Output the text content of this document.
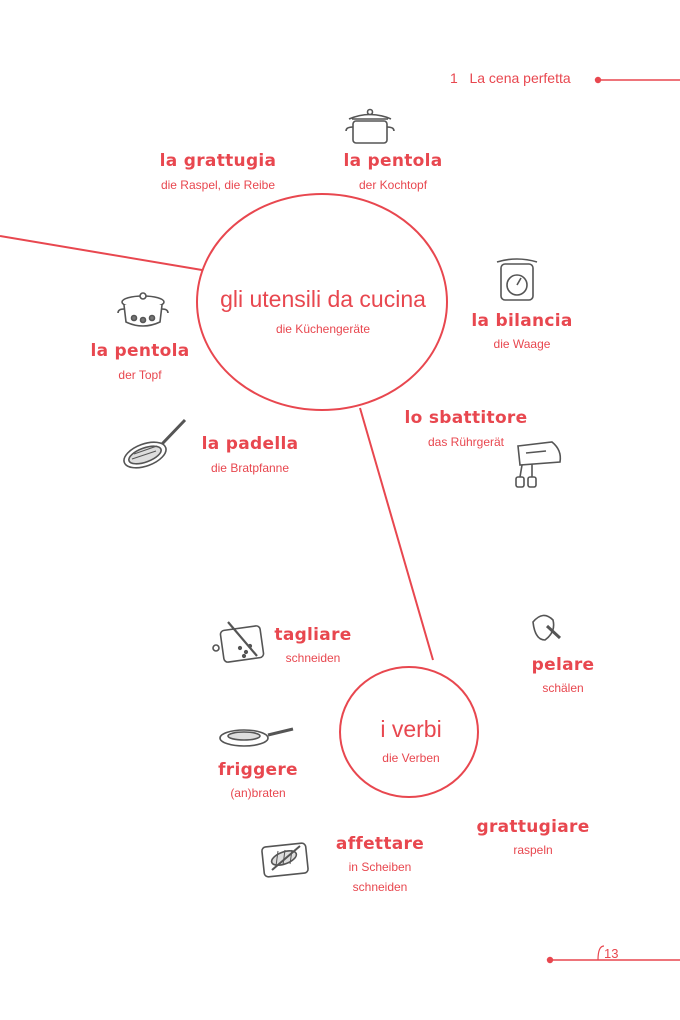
1 La cena perfetta
gli utensili da cucina
die Küchengeräte
la grattugia
die Raspel, die Reibe
la pentola
der Kochtopf
la bilancia
die Waage
la pentola
der Topf
la padella
die Bratpfanne
lo sbattitore
das Rührgerät
i verbi
die Verben
tagliare
schneiden	pelare
schälen
friggere
(an)braten
affettare
in Scheiben schneiden
grattugiare
raspeln
13
